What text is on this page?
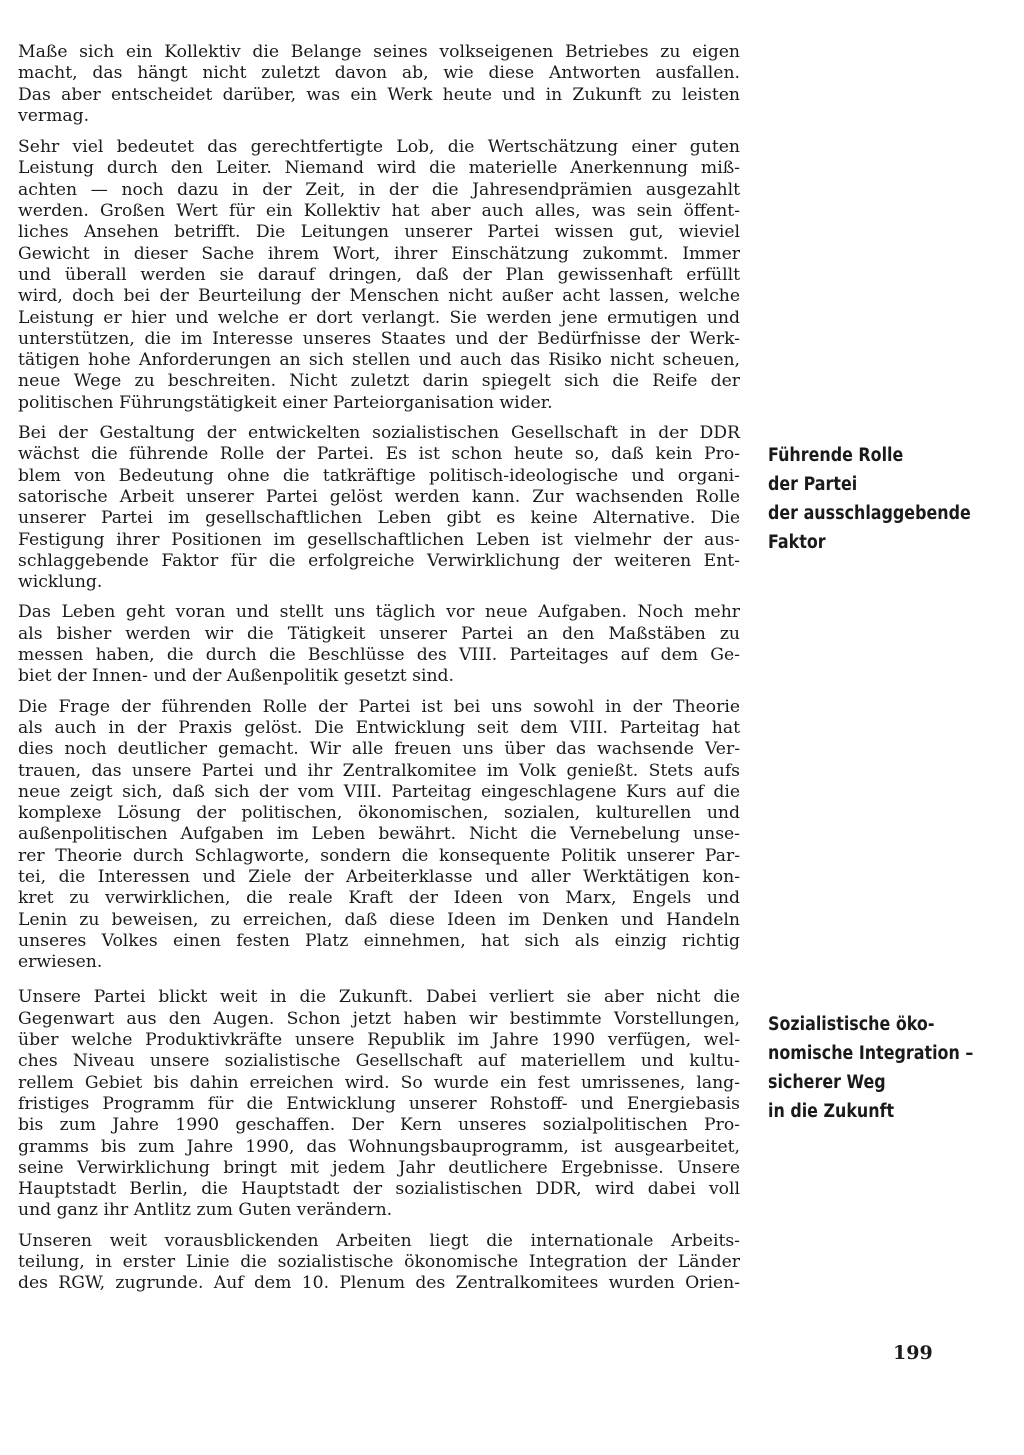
Maße sich ein Kollektiv die Belange seines volkseigenen Betriebes zu eigen
macht, das hängt nicht zuletzt davon ab, wie diese Antworten ausfallen.
Das aber entscheidet darüber, was ein Werk heute und in Zukunft zu leisten
vermag.
Sehr viel bedeutet das gerechtfertigte Lob, die Wertschätzung einer guten
Leistung durch den Leiter. Niemand wird die materielle Anerkennung miß-
achten — noch dazu in der Zeit, in der die Jahresendprämien ausgezahlt
werden. Großen Wert für ein Kollektiv hat aber auch alles, was sein öffent-
liches Ansehen betrifft. Die Leitungen unserer Partei wissen gut, wieviel
Gewicht in dieser Sache ihrem Wort, ihrer Einschätzung zukommt. Immer
und überall werden sie darauf dringen, daß der Plan gewissenhaft erfüllt
wird, doch bei der Beurteilung der Menschen nicht außer acht lassen, welche
Leistung er hier und welche er dort verlangt. Sie werden jene ermutigen und
unterstützen, die im Interesse unseres Staates und der Bedürfnisse der Werk-
tätigen hohe Anforderungen an sich stellen und auch das Risiko nicht scheuen,
neue Wege zu beschreiten. Nicht zuletzt darin spiegelt sich die Reife der
politischen Führungstätigkeit einer Parteiorganisation wider.
Bei der Gestaltung der entwickelten sozialistischen Gesellschaft in der DDR
wächst die führende Rolle der Partei. Es ist schon heute so, daß kein Pro-
blem von Bedeutung ohne die tatkräftige politisch-ideologische und organi-
satorische Arbeit unserer Partei gelöst werden kann. Zur wachsenden Rolle
unserer Partei im gesellschaftlichen Leben gibt es keine Alternative. Die
Festigung ihrer Positionen im gesellschaftlichen Leben ist vielmehr der aus-
schlaggebende Faktor für die erfolgreiche Verwirklichung der weiteren Ent-
wicklung.
Das Leben geht voran und stellt uns täglich vor neue Aufgaben. Noch mehr
als bisher werden wir die Tätigkeit unserer Partei an den Maßstäben zu
messen haben, die durch die Beschlüsse des VIII. Parteitages auf dem Ge-
biet der Innen- und der Außenpolitik gesetzt sind.
Die Frage der führenden Rolle der Partei ist bei uns sowohl in der Theorie
als auch in der Praxis gelöst. Die Entwicklung seit dem VIII. Parteitag hat
dies noch deutlicher gemacht. Wir alle freuen uns über das wachsende Ver-
trauen, das unsere Partei und ihr Zentralkomitee im Volk genießt. Stets aufs
neue zeigt sich, daß sich der vom VIII. Parteitag eingeschlagene Kurs auf die
komplexe Lösung der politischen, ökonomischen, sozialen, kulturellen und
außenpolitischen Aufgaben im Leben bewährt. Nicht die Vernebelung unse-
rer Theorie durch Schlagworte, sondern die konsequente Politik unserer Par-
tei, die Interessen und Ziele der Arbeiterklasse und aller Werktätigen kon-
kret zu verwirklichen, die reale Kraft der Ideen von Marx, Engels und
Lenin zu beweisen, zu erreichen, daß diese Ideen im Denken und Handeln
unseres Volkes einen festen Platz einnehmen, hat sich als einzig richtig
erwiesen.
Unsere Partei blickt weit in die Zukunft. Dabei verliert sie aber nicht die
Gegenwart aus den Augen. Schon jetzt haben wir bestimmte Vorstellungen,
über welche Produktivkräfte unsere Republik im Jahre 1990 verfügen, wel-
ches Niveau unsere sozialistische Gesellschaft auf materiellem und kultu-
rellem Gebiet bis dahin erreichen wird. So wurde ein fest umrissenes, lang-
fristiges Programm für die Entwicklung unserer Rohstoff- und Energiebasis
bis zum Jahre 1990 geschaffen. Der Kern unseres sozialpolitischen Pro-
gramms bis zum Jahre 1990, das Wohnungsbauprogramm, ist ausgearbeitet,
seine Verwirklichung bringt mit jedem Jahr deutlichere Ergebnisse. Unsere
Hauptstadt Berlin, die Hauptstadt der sozialistischen DDR, wird dabei voll
und ganz ihr Antlitz zum Guten verändern.
Unseren weit vorausblickenden Arbeiten liegt die internationale Arbeits-
teilung, in erster Linie die sozialistische ökonomische Integration der Länder
des RGW, zugrunde. Auf dem 10. Plenum des Zentralkomitees wurden Orien-
Führende Rolle
der Partei
der ausschlaggebende
Faktor
Sozialistische öko-
nomische Integration –
sicherer Weg
in die Zukunft
199
